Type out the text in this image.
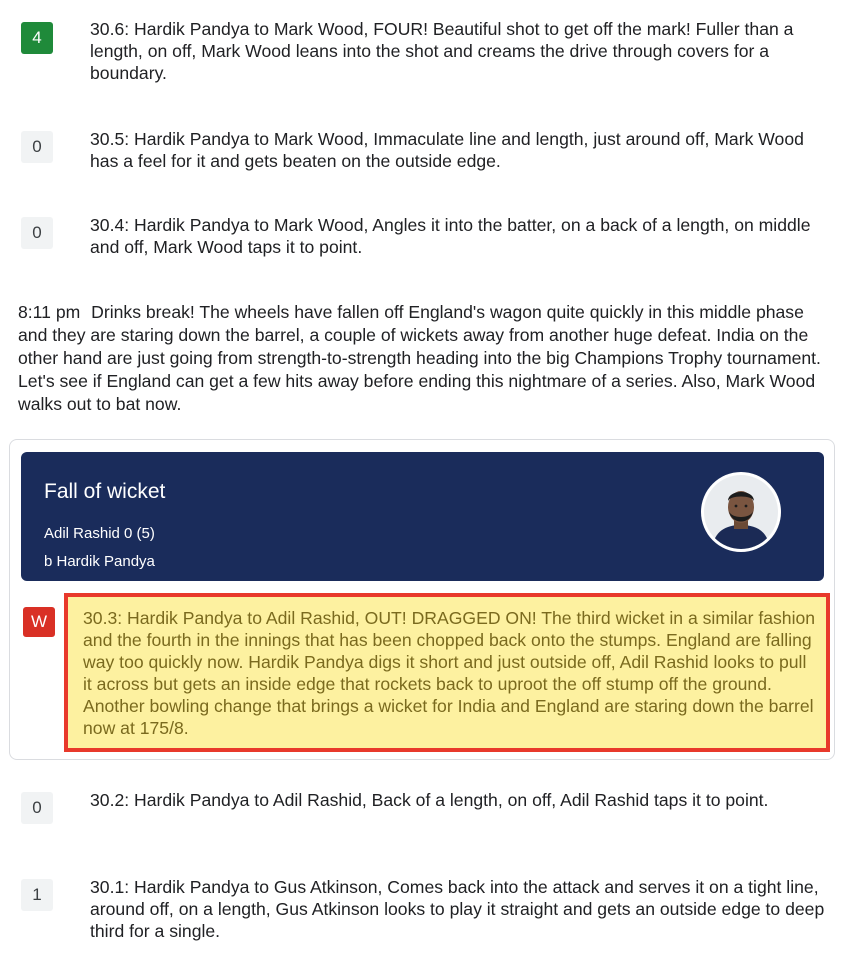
4	30.6: Hardik Pandya to Mark Wood, FOUR! Beautiful shot to get off the mark! Fuller than a length, on off, Mark Wood leans into the shot and creams the drive through covers for a boundary.
0	30.5: Hardik Pandya to Mark Wood, Immaculate line and length, just around off, Mark Wood has a feel for it and gets beaten on the outside edge.
0	30.4: Hardik Pandya to Mark Wood, Angles it into the batter, on a back of a length, on middle and off, Mark Wood taps it to point.
8:11 pm Drinks break! The wheels have fallen off England's wagon quite quickly in this middle phase and they are staring down the barrel, a couple of wickets away from another huge defeat. India on the other hand are just going from strength-to-strength heading into the big Champions Trophy tournament. Let's see if England can get a few hits away before ending this nightmare of a series. Also, Mark Wood walks out to bat now.
Fall of wicket
Adil Rashid 0 (5)
b Hardik Pandya
W	30.3: Hardik Pandya to Adil Rashid, OUT! DRAGGED ON! The third wicket in a similar fashion and the fourth in the innings that has been chopped back onto the stumps. England are falling way too quickly now. Hardik Pandya digs it short and just outside off, Adil Rashid looks to pull it across but gets an inside edge that rockets back to uproot the off stump off the ground. Another bowling change that brings a wicket for India and England are staring down the barrel now at 175/8.
0	30.2: Hardik Pandya to Adil Rashid, Back of a length, on off, Adil Rashid taps it to point.
1	30.1: Hardik Pandya to Gus Atkinson, Comes back into the attack and serves it on a tight line, around off, on a length, Gus Atkinson looks to play it straight and gets an outside edge to deep third for a single.
